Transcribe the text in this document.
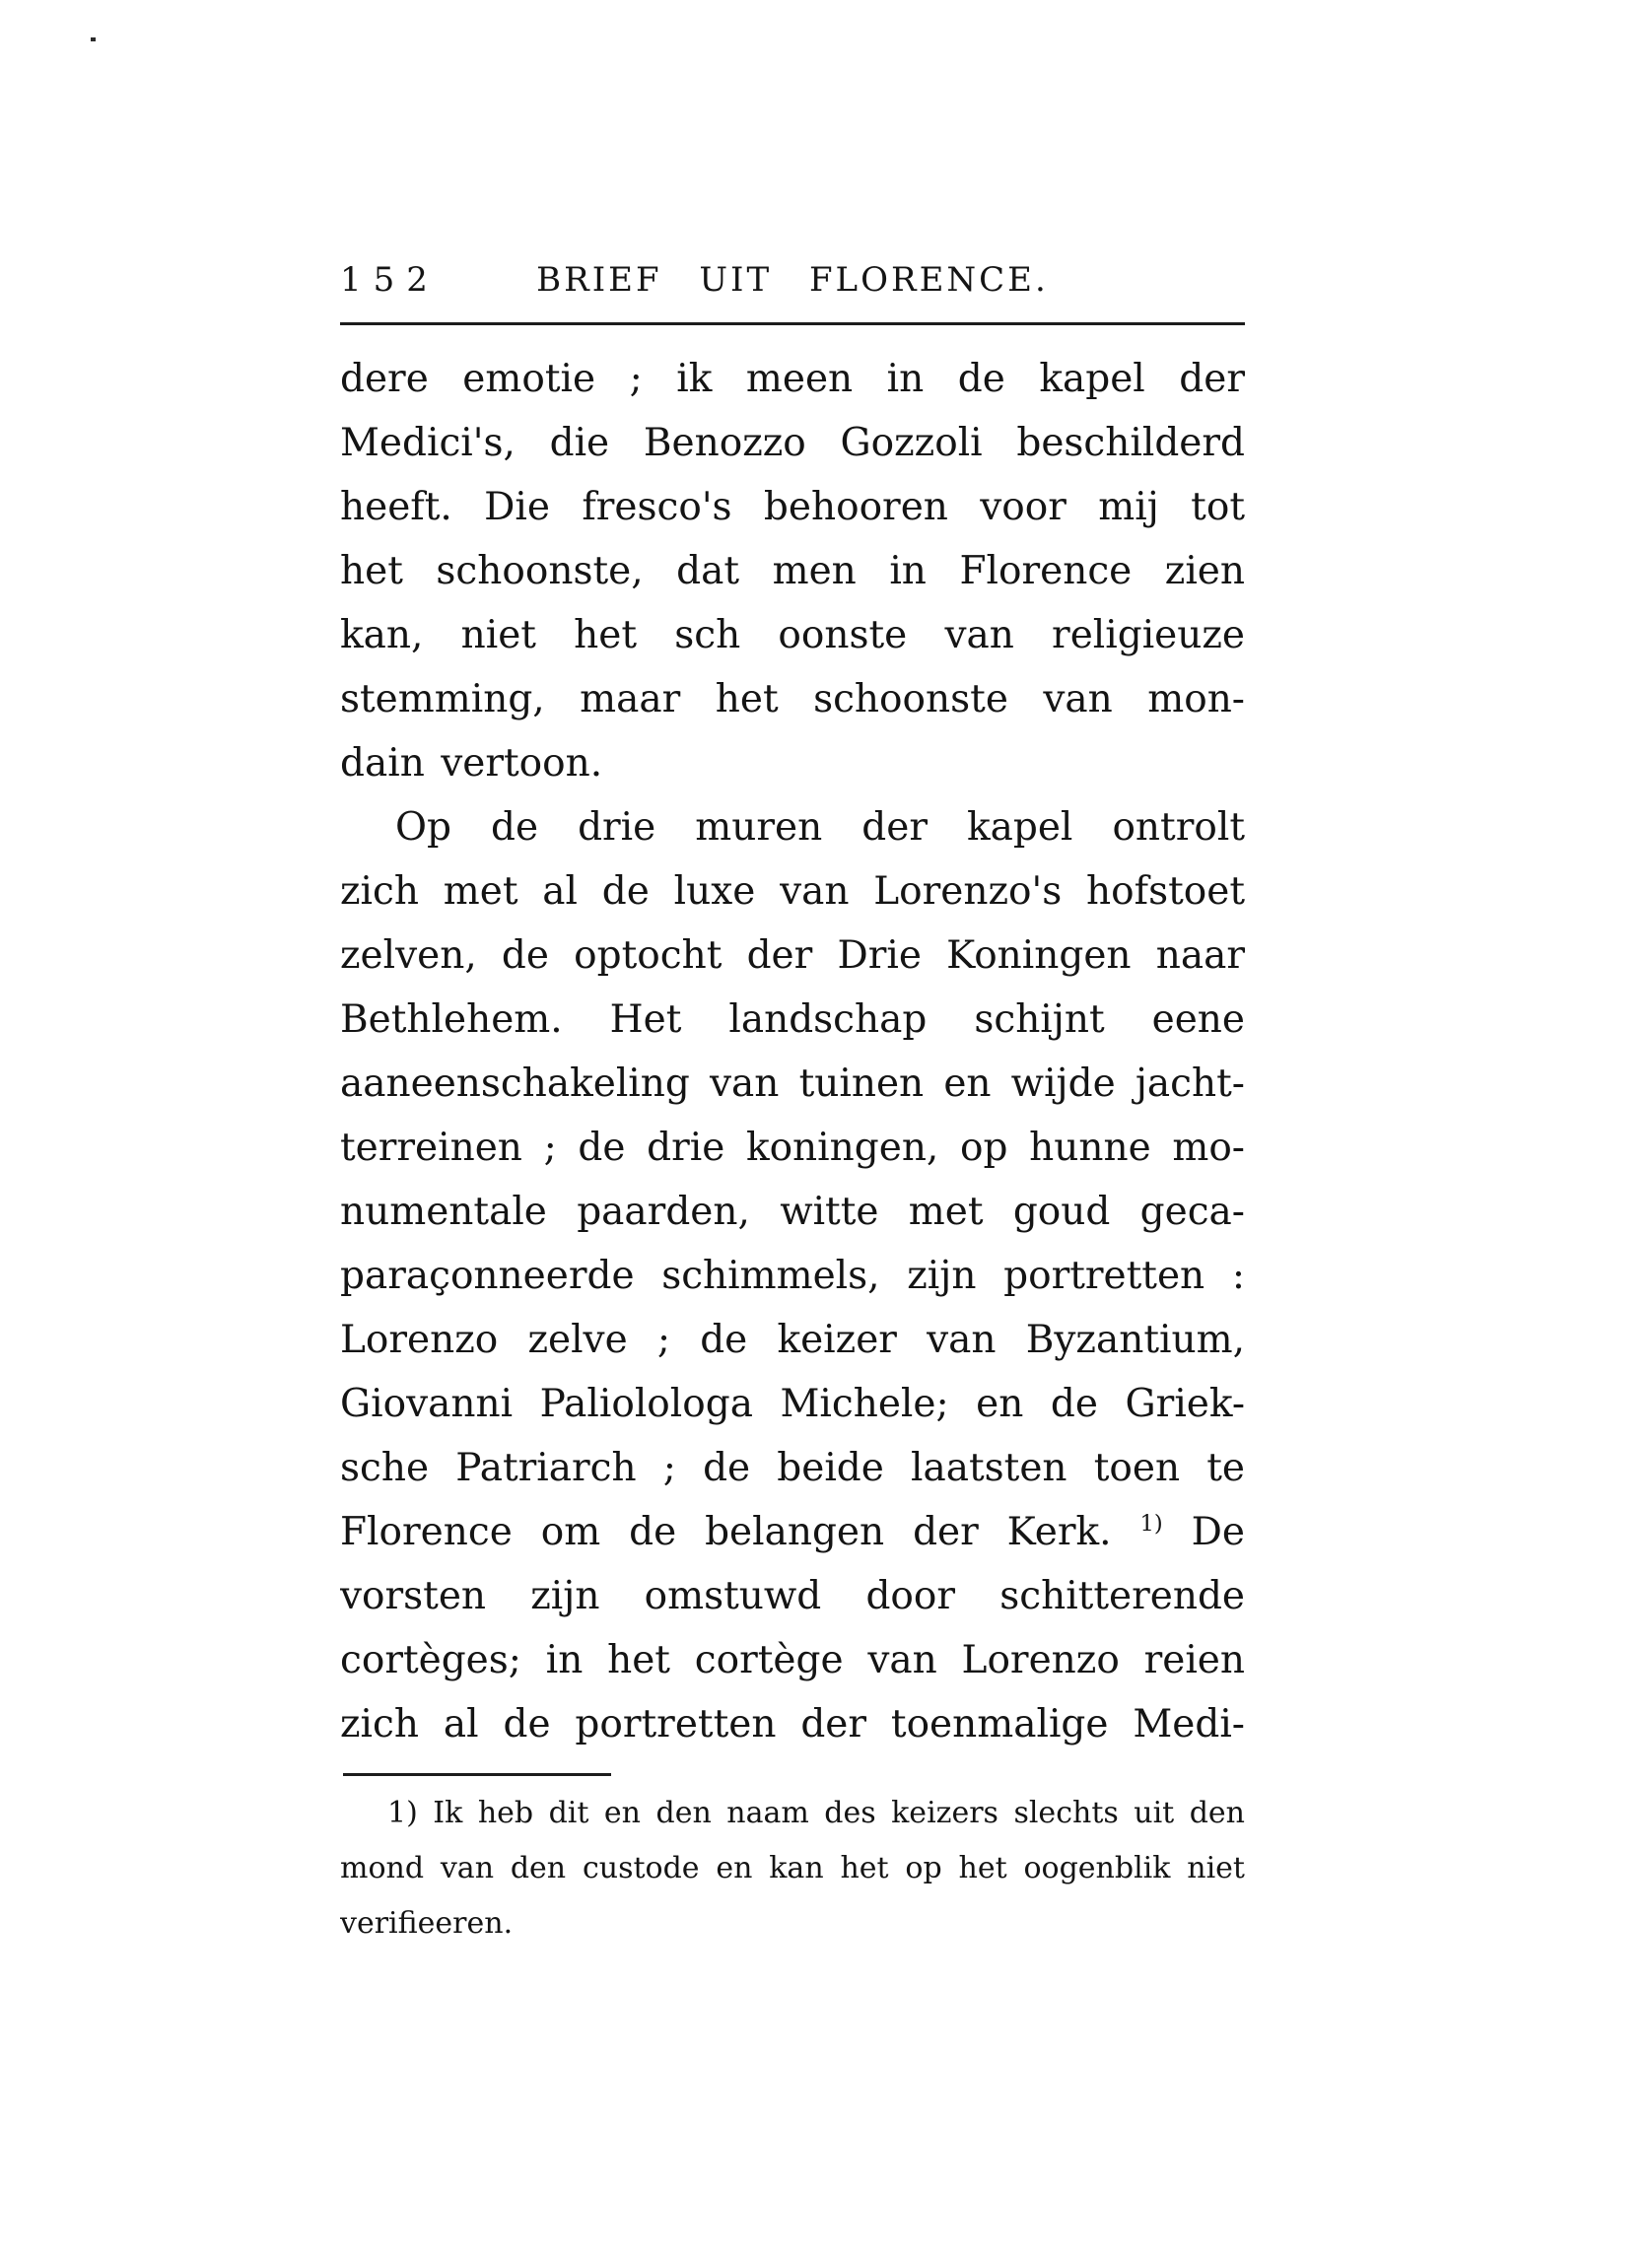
152	BRIEF UIT FLORENCE.
dere emotie ; ik meen in de kapel der
Medici's, die Benozzo Gozzoli beschilderd
heeft. Die fresco's behooren voor mij tot
het schoonste, dat men in Florence zien
kan, niet het sch oonste van religieuze
stemming, maar het schoonste van mon-
dain vertoon.
Op de drie muren der kapel ontrolt
zich met al de luxe van Lorenzo's hofstoet
zelven, de optocht der Drie Koningen naar
Bethlehem. Het landschap schijnt eene
aaneenschakeling van tuinen en wijde jacht-
terreinen ; de drie koningen, op hunne mo-
numentale paarden, witte met goud geca-
paraçonneerde schimmels, zijn portretten :
Lorenzo zelve ; de keizer van Byzantium,
Giovanni Paliolologa Michele; en de Griek-
sche Patriarch ; de beide laatsten toen te
Florence om de belangen der Kerk. $^{1)}$ De
vorsten zijn omstuwd door schitterende
cortèges; in het cortège van Lorenzo reien
zich al de portretten der toenmalige Medi-
1) Ik heb dit en den naam des keizers slechts uit den
mond van den custode en kan het op het oogenblik niet
verifieeren.
